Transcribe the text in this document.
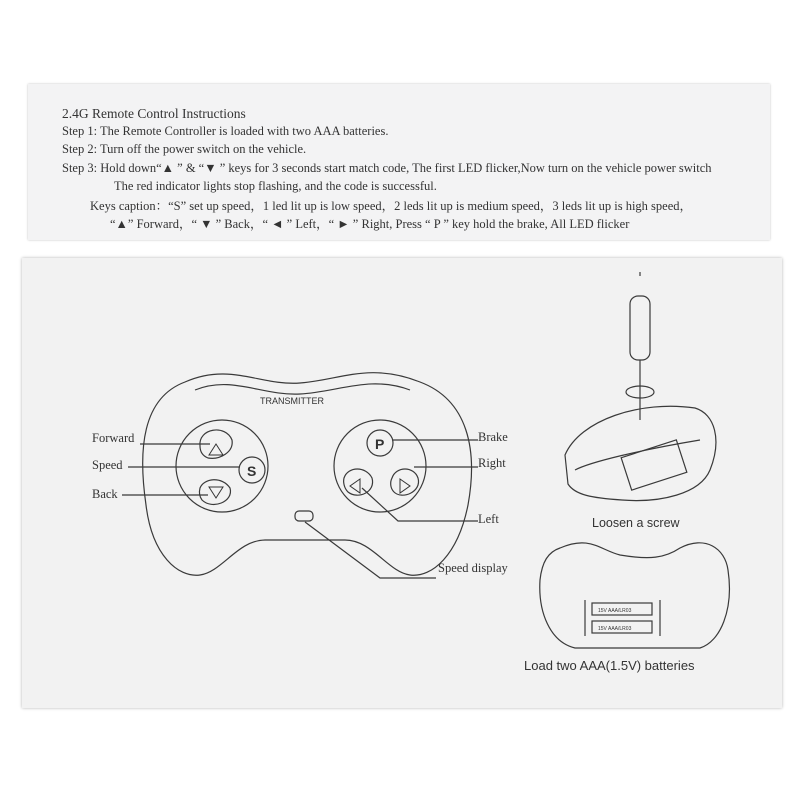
2.4G Remote Control Instructions
Step 1: The Remote Controller is loaded with two AAA batteries.
Step 2: Turn off the power switch on the vehicle.
Step 3: Hold down“▲ ” & “▼ ” keys for 3 seconds start match code, The first LED flicker,Now turn on the vehicle power switch
The red indicator lights stop flashing, and the code is successful.
Keys caption：“S” set up speed，1 led lit up is low speed，2 leds lit up is medium speed，3 leds lit up is high speed，
“▲” Forward，“ ▼ ” Back，“ ◄ ” Left，“ ► ” Right, Press “ P ” key hold the brake, All LED flicker
TRANSMITTER
S
P
15V AAA/LR03
15V AAA/LR03
Forward
Speed
Back
Brake
Right
Left
Speed display
Loosen a screw
Load two AAA(1.5V) batteries
